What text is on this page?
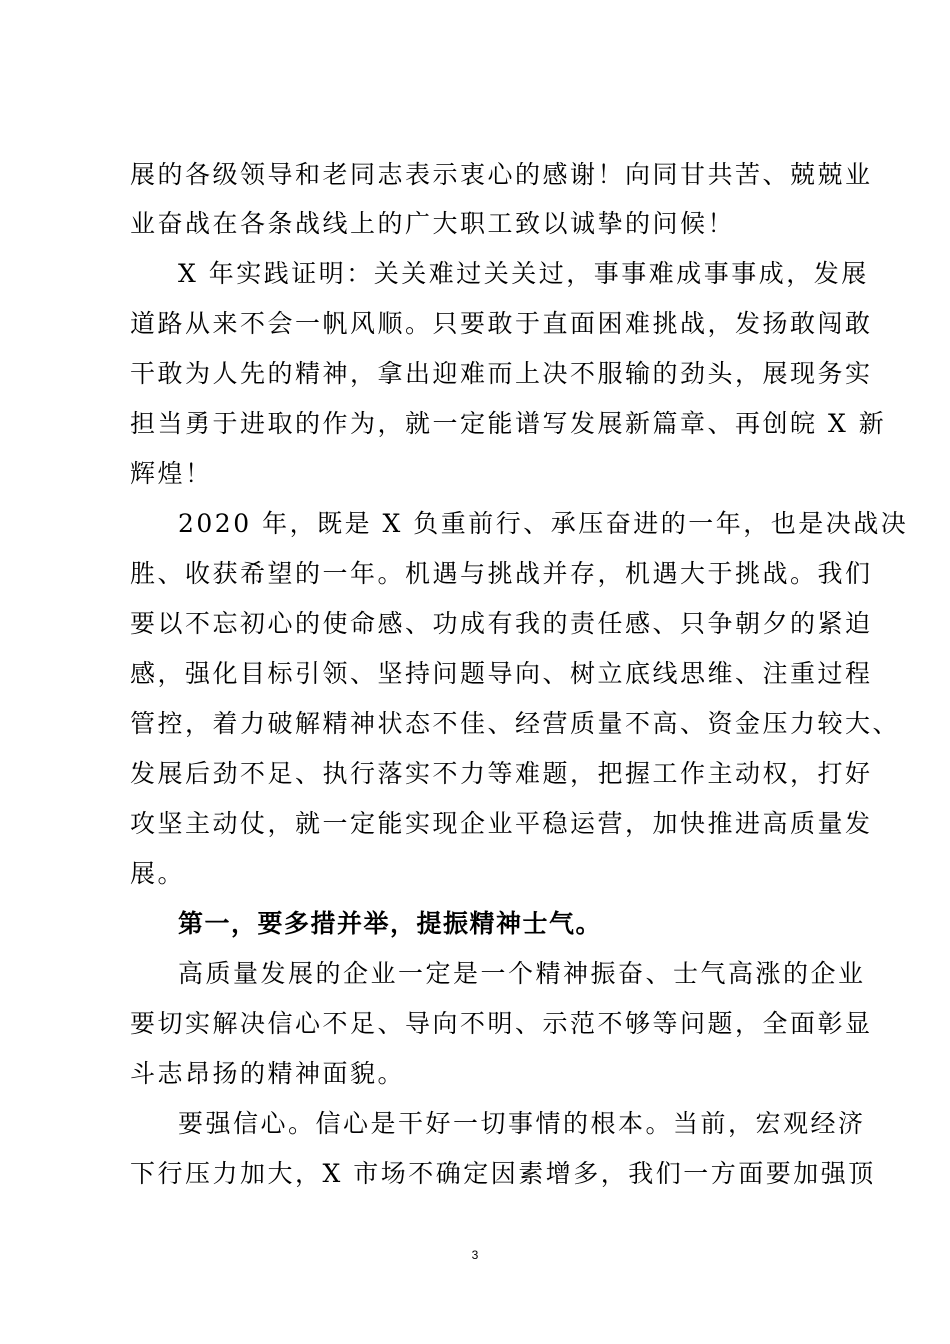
展的各级领导和老同志表示衷心的感谢！向同甘共苦、兢兢业
业奋战在各条战线上的广大职工致以诚挚的问候！
X 年实践证明：关关难过关关过，事事难成事事成，发展
道路从来不会一帆风顺。只要敢于直面困难挑战，发扬敢闯敢
干敢为人先的精神，拿出迎难而上决不服输的劲头，展现务实
担当勇于进取的作为，就一定能谱写发展新篇章、再创皖 X 新
辉煌！
2020 年，既是 X 负重前行、承压奋进的一年，也是决战决
胜、收获希望的一年。机遇与挑战并存，机遇大于挑战。我们
要以不忘初心的使命感、功成有我的责任感、只争朝夕的紧迫
感，强化目标引领、坚持问题导向、树立底线思维、注重过程
管控，着力破解精神状态不佳、经营质量不高、资金压力较大、
发展后劲不足、执行落实不力等难题，把握工作主动权，打好
攻坚主动仗，就一定能实现企业平稳运营，加快推进高质量发
展。
第一，要多措并举，提振精神士气。
高质量发展的企业一定是一个精神振奋、士气高涨的企业
要切实解决信心不足、导向不明、示范不够等问题，全面彰显
斗志昂扬的精神面貌。
要强信心。信心是干好一切事情的根本。当前，宏观经济
下行压力加大，X 市场不确定因素增多，我们一方面要加强顶
3
